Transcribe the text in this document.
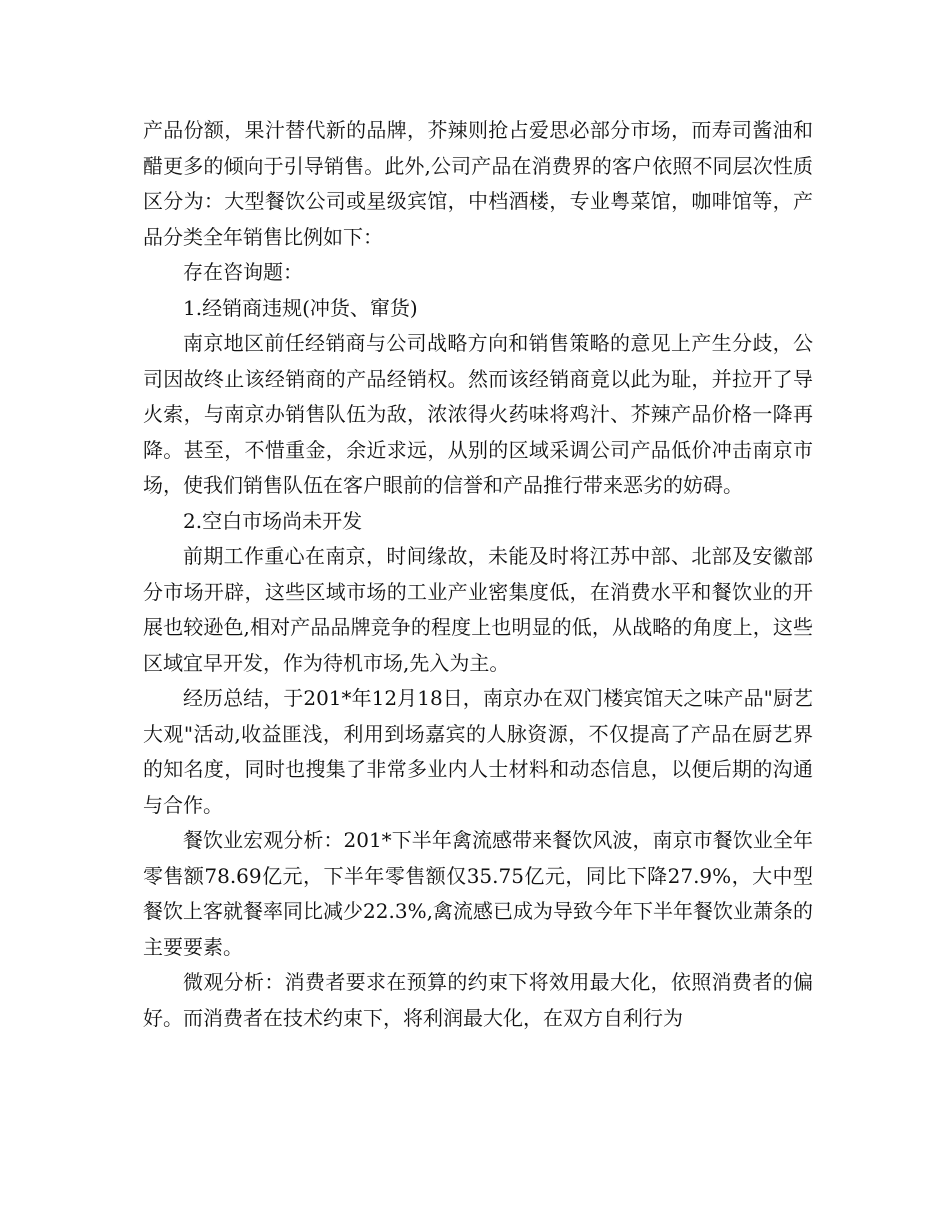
产品份额，果汁替代新的品牌，芥辣则抢占爱思必部分市场，而寿司酱油和醋更多的倾向于引导销售。此外,公司产品在消费界的客户依照不同层次性质区分为：大型餐饮公司或星级宾馆，中档酒楼，专业粤菜馆，咖啡馆等，产品分类全年销售比例如下：

存在咨询题：

1.经销商违规(冲货、窜货)

南京地区前任经销商与公司战略方向和销售策略的意见上产生分歧，公司因故终止该经销商的产品经销权。然而该经销商竟以此为耻，并拉开了导火索，与南京办销售队伍为敌，浓浓得火药味将鸡汁、芥辣产品价格一降再降。甚至，不惜重金，余近求远，从别的区域采调公司产品低价冲击南京市场，使我们销售队伍在客户眼前的信誉和产品推行带来恶劣的妨碍。

2.空白市场尚未开发

前期工作重心在南京，时间缘故，未能及时将江苏中部、北部及安徽部分市场开辟，这些区域市场的工业产业密集度低，在消费水平和餐饮业的开展也较逊色,相对产品品牌竞争的程度上也明显的低，从战略的角度上，这些区域宜早开发，作为待机市场,先入为主。

经历总结，于201*年12月18日，南京办在双门楼宾馆天之味产品"厨艺大观"活动,收益匪浅，利用到场嘉宾的人脉资源，不仅提高了产品在厨艺界的知名度，同时也搜集了非常多业内人士材料和动态信息，以便后期的沟通与合作。

餐饮业宏观分析：201*下半年禽流感带来餐饮风波，南京市餐饮业全年零售额78.69亿元，下半年零售额仅35.75亿元，同比下降27.9%，大中型餐饮上客就餐率同比减少22.3%,禽流感已成为导致今年下半年餐饮业萧条的主要要素。

微观分析：消费者要求在预算的约束下将效用最大化，依照消费者的偏好。而消费者在技术约束下，将利润最大化，在双方自利行为
